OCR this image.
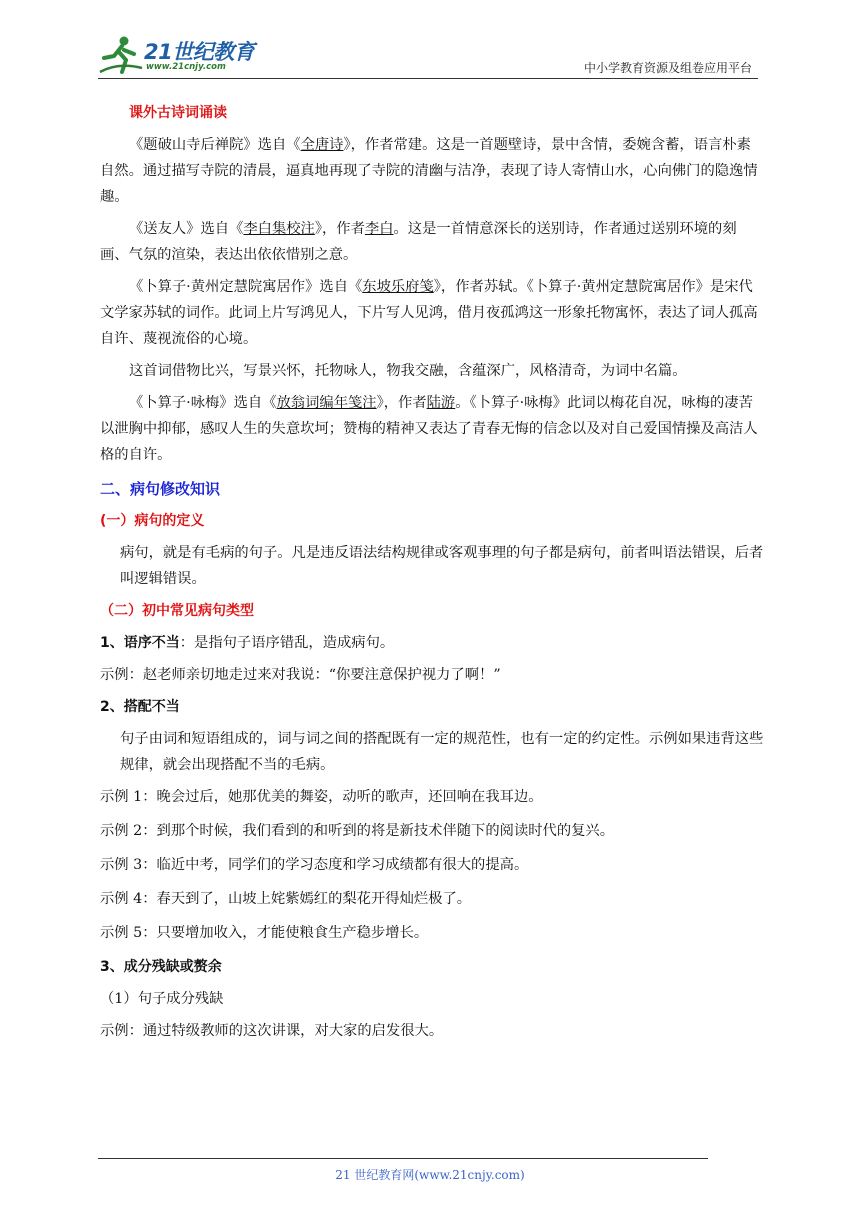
21世纪教育
www.21cnjy.com	中小学教育资源及组卷应用平台

课外古诗词诵读

《题破山寺后禅院》选自《全唐诗》，作者常建。这是一首题壁诗，景中含情，委婉含蓄，语言朴素自然。通过描写寺院的清晨，逼真地再现了寺院的清幽与洁净，表现了诗人寄情山水，心向佛门的隐逸情趣。

《送友人》选自《李白集校注》，作者李白。这是一首情意深长的送别诗，作者通过送别环境的刻画、气氛的渲染，表达出依依惜别之意。

《卜算子·黄州定慧院寓居作》选自《东坡乐府笺》，作者苏轼。《卜算子·黄州定慧院寓居作》是宋代文学家苏轼的词作。此词上片写鸿见人，下片写人见鸿，借月夜孤鸿这一形象托物寓怀，表达了词人孤高自许、蔑视流俗的心境。

这首词借物比兴，写景兴怀，托物咏人，物我交融，含蕴深广，风格清奇，为词中名篇。

《卜算子·咏梅》选自《放翁词编年笺注》，作者陆游。《卜算子·咏梅》此词以梅花自况，咏梅的凄苦以泄胸中抑郁，感叹人生的失意坎坷；赞梅的精神又表达了青春无悔的信念以及对自己爱国情操及高洁人格的自许。

二、病句修改知识

(一）病句的定义

病句，就是有毛病的句子。凡是违反语法结构规律或客观事理的句子都是病句，前者叫语法错误，后者叫逻辑错误。

（二）初中常见病句类型

1、语序不当：是指句子语序错乱，造成病句。

示例：赵老师亲切地走过来对我说：“你要注意保护视力了啊！”

2、搭配不当

句子由词和短语组成的，词与词之间的搭配既有一定的规范性，也有一定的约定性。示例如果违背这些规律，就会出现搭配不当的毛病。

示例 1：晚会过后，她那优美的舞姿，动听的歌声，还回响在我耳边。

示例 2：到那个时候，我们看到的和听到的将是新技术伴随下的阅读时代的复兴。

示例 3：临近中考，同学们的学习态度和学习成绩都有很大的提高。

示例 4：春天到了，山坡上姹紫嫣红的梨花开得灿烂极了。

示例 5：只要增加收入，才能使粮食生产稳步增长。

3、成分残缺或赘余

（1）句子成分残缺

示例：通过特级教师的这次讲课，对大家的启发很大。

21 世纪教育网(www.21cnjy.com)
